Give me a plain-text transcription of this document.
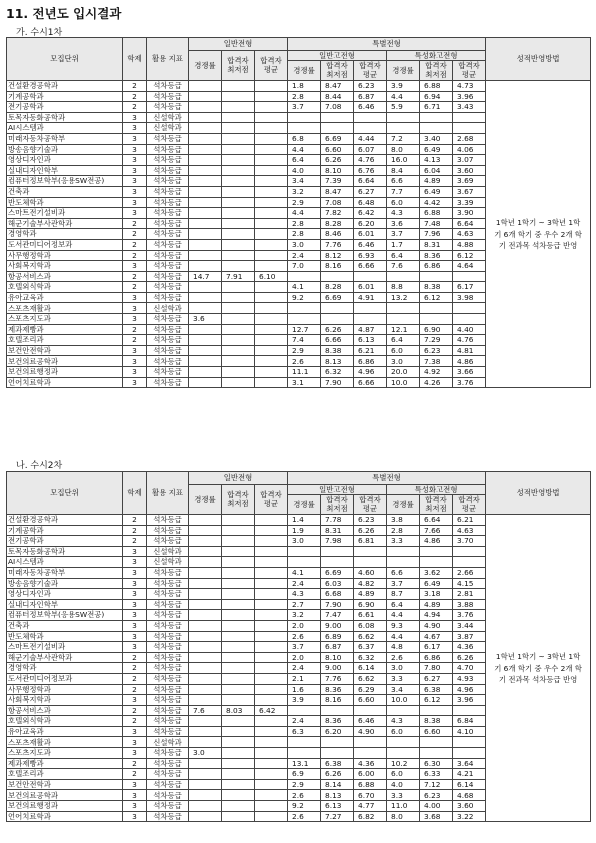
11. 전년도 입시결과
가. 수시1차
모집단위	학제	활용 지표	일반전형			특별전형						성적반영방법
			경쟁률	합격자 최저점	합격자 평균	일반고전형			특성화고전형			
						경쟁률	합격자 최저점	합격자 평균	경쟁률	합격자 최저점	합격자 평균	
건설환경공학과	2	석차등급				1.8	8.47	6.23	3.9	6.88	4.73	1학년 1학기 ~ 3학년 1학기 6개 학기 중 우수 2개 학기 전과목 석차등급 반영
기계공학과	2	석차등급				2.8	8.44	6.87	4.4	6.94	3.96	
전기공학과	2	석차등급				3.7	7.08	6.46	5.9	6.71	3.43	
토목자동화공학과	3	신설학과										
AI시스템과	3	신설학과										
미래자동차공학부	3	석차등급				6.8	6.69	4.44	7.2	3.40	2.68	
방송음향기술과	3	석차등급				4.4	6.60	6.07	8.0	6.49	4.06	
영상디자인과	3	석차등급				6.4	6.26	4.76	16.0	4.13	3.07	
실내디자인학부	3	석차등급				4.0	8.10	6.76	8.4	6.04	3.60	
컴퓨터정보학부(응용SW전공)	3	석차등급				3.4	7.39	6.64	6.6	4.89	3.69	
건축과	3	석차등급				3.2	8.47	6.27	7.7	6.49	3.67	
반도체학과	3	석차등급				2.9	7.08	6.48	6.0	4.42	3.39	
스마트전기설비과	3	석차등급				4.4	7.82	6.42	4.3	6.88	3.90	
해군기술부사관학과	2	석차등급				2.8	8.28	6.20	3.6	7.48	6.64	
경영학과	2	석차등급				2.8	8.46	6.01	3.7	7.96	4.63	
도서관미디어정보과	2	석차등급				3.0	7.76	6.46	1.7	8.31	4.88	
사무행정학과	2	석차등급				2.4	8.12	6.93	6.4	8.36	6.12	
사회복지학과	3	석차등급				7.0	8.16	6.66	7.6	6.86	4.64	
항공서비스과	2	석차등급	14.7	7.91	6.10							
호텔외식학과	2	석차등급				4.1	8.28	6.01	8.8	8.38	6.17	
유아교육과	3	석차등급				9.2	6.69	4.91	13.2	6.12	3.98	
스포츠재활과	3	신설학과										
스포츠지도과	3	석차등급	3.6									
제과제빵과	2	석차등급				12.7	6.26	4.87	12.1	6.90	4.40	
호텔조리과	2	석차등급				7.4	6.66	6.13	6.4	7.29	4.76	
보건안전학과	3	석차등급				2.9	8.38	6.21	6.0	6.23	4.81	
보건의료공학과	3	석차등급				2.6	8.13	6.86	3.0	7.38	4.86	
보건의료행정과	3	석차등급				11.1	6.32	4.96	20.0	4.92	3.66	
언어치료학과	3	석차등급				3.1	7.90	6.66	10.0	4.26	3.76	
나. 수시2차
모집단위	학제	활용 지표	일반전형			특별전형						성적반영방법
			경쟁률	합격자 최저점	합격자 평균	일반고전형			특성화고전형			
						경쟁률	합격자 최저점	합격자 평균	경쟁률	합격자 최저점	합격자 평균	
건설환경공학과	2	석차등급				1.4	7.78	6.23	3.8	6.64	6.21	1학년 1학기 ~ 3학년 1학기 6개 학기 중 우수 2개 학기 전과목 석차등급 반영
기계공학과	2	석차등급				1.9	8.31	6.26	2.8	7.66	4.63	
전기공학과	2	석차등급				3.0	7.98	6.81	3.3	4.86	3.70	
토목자동화공학과	3	신설학과										
AI시스템과	3	신설학과										
미래자동차공학부	3	석차등급				4.1	6.69	4.60	6.6	3.62	2.66	
방송음향기술과	3	석차등급				2.4	6.03	4.82	3.7	6.49	4.15	
영상디자인과	3	석차등급				4.3	6.68	4.89	8.7	3.18	2.81	
실내디자인학부	3	석차등급				2.7	7.90	6.90	6.4	4.89	3.88	
컴퓨터정보학부(응용SW전공)	3	석차등급				3.2	7.47	6.61	4.4	4.94	3.76	
건축과	3	석차등급				2.0	9.00	6.08	9.3	4.90	3.44	
반도체학과	3	석차등급				2.6	6.89	6.62	4.4	4.67	3.87	
스마트전기설비과	3	석차등급				3.7	6.87	6.37	4.8	6.17	4.36	
해군기술부사관학과	2	석차등급				2.0	8.10	6.32	2.6	6.86	6.26	
경영학과	2	석차등급				2.4	9.00	6.14	3.0	7.80	4.70	
도서관미디어정보과	2	석차등급				2.1	7.76	6.62	3.3	6.27	4.93	
사무행정학과	2	석차등급				1.6	8.36	6.29	3.4	6.38	4.96	
사회복지학과	3	석차등급				3.9	8.16	6.60	10.0	6.12	3.96	
항공서비스과	2	석차등급	7.6	8.03	6.42							
호텔외식학과	2	석차등급				2.4	8.36	6.46	4.3	8.38	6.84	
유아교육과	3	석차등급				6.3	6.20	4.90	6.0	6.60	4.10	
스포츠재활과	3	신설학과										
스포츠지도과	3	석차등급	3.0									
제과제빵과	2	석차등급				13.1	6.38	4.36	10.2	6.30	3.64	
호텔조리과	2	석차등급				6.9	6.26	6.00	6.0	6.33	4.21	
보건안전학과	3	석차등급				2.9	8.14	6.88	4.0	7.12	6.14	
보건의료공학과	3	석차등급				2.6	8.13	6.70	3.3	6.23	4.68	
보건의료행정과	3	석차등급				9.2	6.13	4.77	11.0	4.00	3.60	
언어치료학과	3	석차등급				2.6	7.27	6.82	8.0	3.68	3.22	
